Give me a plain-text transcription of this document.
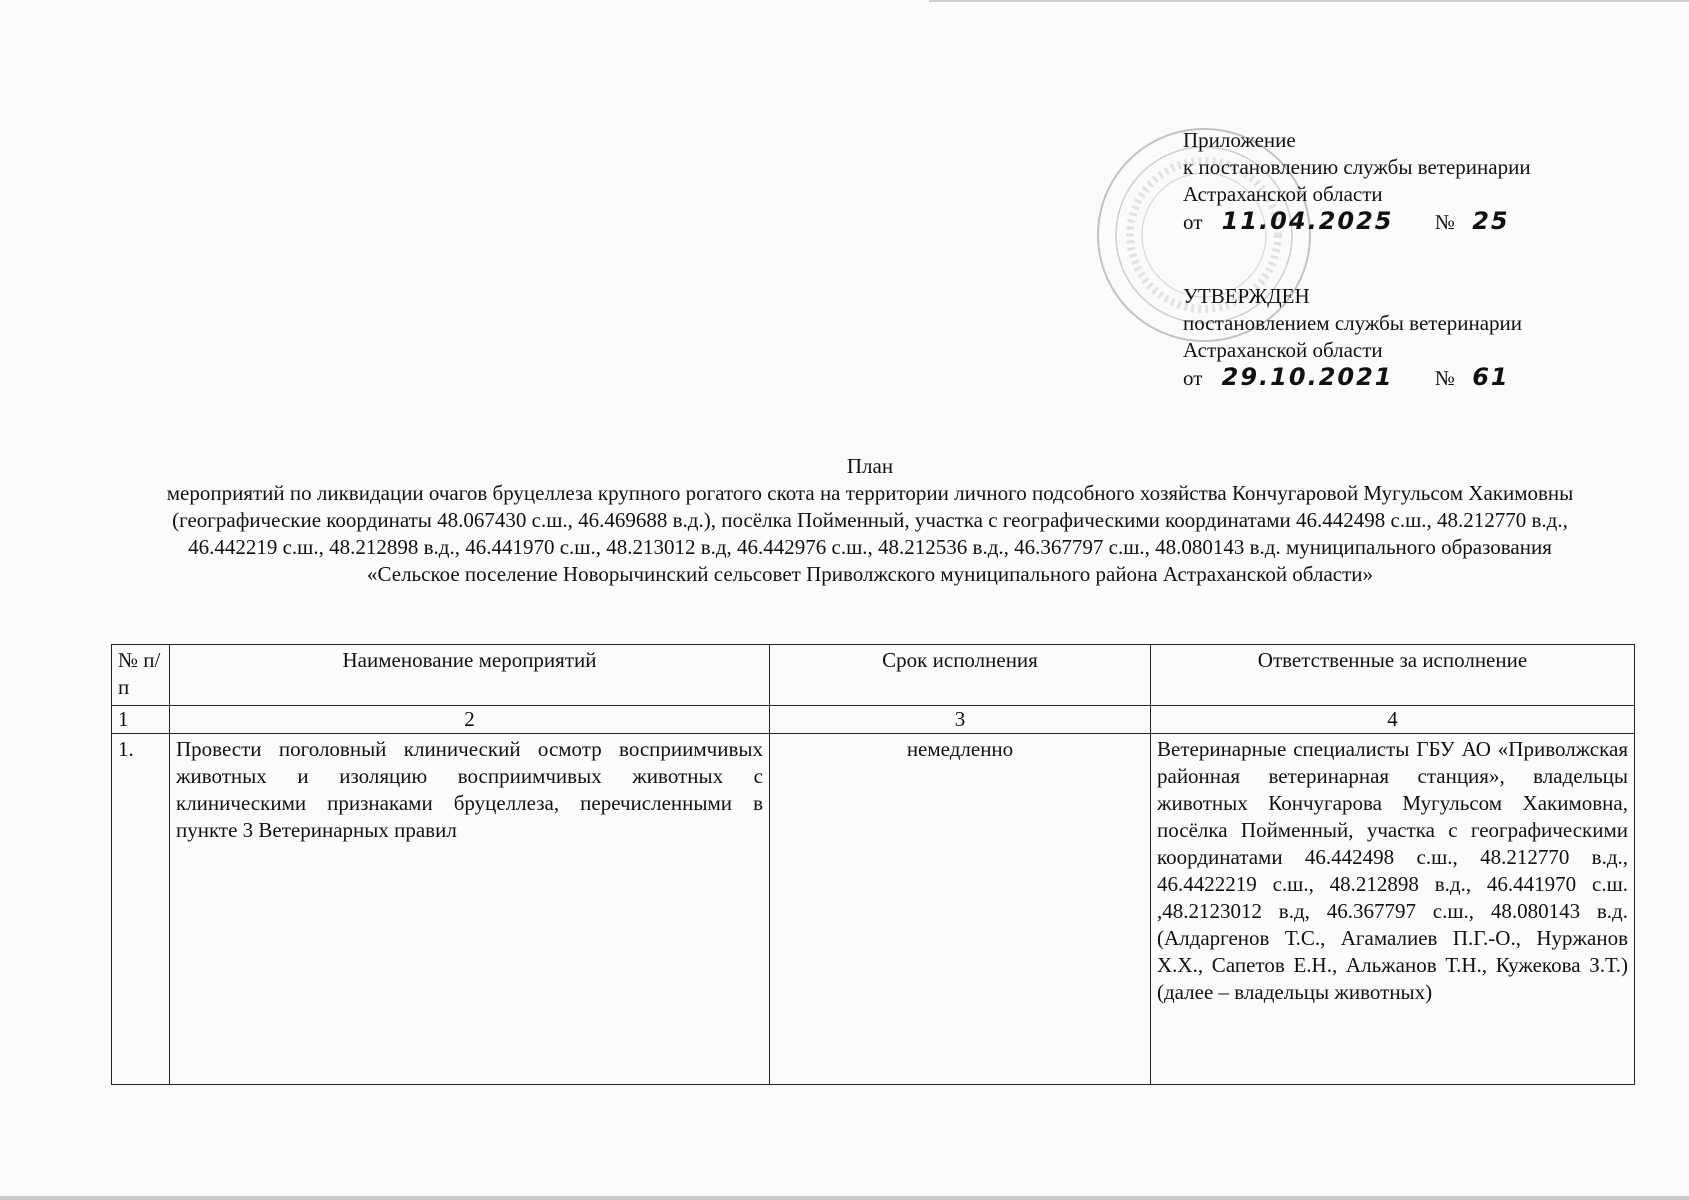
Приложение
к постановлению службы ветеринарии
Астраханской области
от 11.04.2025 № 25
УТВЕРЖДЕН
постановлением службы ветеринарии
Астраханской области
от 29.10.2021 № 61
План
мероприятий по ликвидации очагов бруцеллеза крупного рогатого скота на территории личного подсобного хозяйства Кончугаровой Мугульсом Хакимовны (географические координаты 48.067430 с.ш., 46.469688 в.д.), посёлка Пойменный, участка с географическими координатами 46.442498 с.ш., 48.212770 в.д., 46.442219 с.ш., 48.212898 в.д., 46.441970 с.ш., 48.213012 в.д, 46.442976 с.ш., 48.212536 в.д., 46.367797 с.ш., 48.080143 в.д. муниципального образования «Сельское поселение Новорычинский сельсовет Приволжского муниципального района Астраханской области»
№ п/п	Наименование мероприятий	Срок исполнения	Ответственные за исполнение
1	2	3	4
1.	Провести поголовный клинический осмотр восприимчивых животных и изоляцию восприимчивых животных с клиническими признаками бруцеллеза, перечисленными в пункте 3 Ветеринарных правил	немедленно	Ветеринарные специалисты ГБУ АО «Приволжская районная ветеринарная станция», владельцы животных Кончугарова Мугульсом Хакимовна, посёлка Пойменный, участка с географическими координатами 46.442498 с.ш., 48.212770 в.д., 46.4422219 с.ш., 48.212898 в.д., 46.441970 с.ш. ,48.2123012 в.д, 46.367797 с.ш., 48.080143 в.д. (Алдаргенов Т.С., Агамалиев П.Г.-О., Нуржанов Х.Х., Сапетов Е.Н., Альжанов Т.Н., Кужекова З.Т.) (далее – владельцы животных)
